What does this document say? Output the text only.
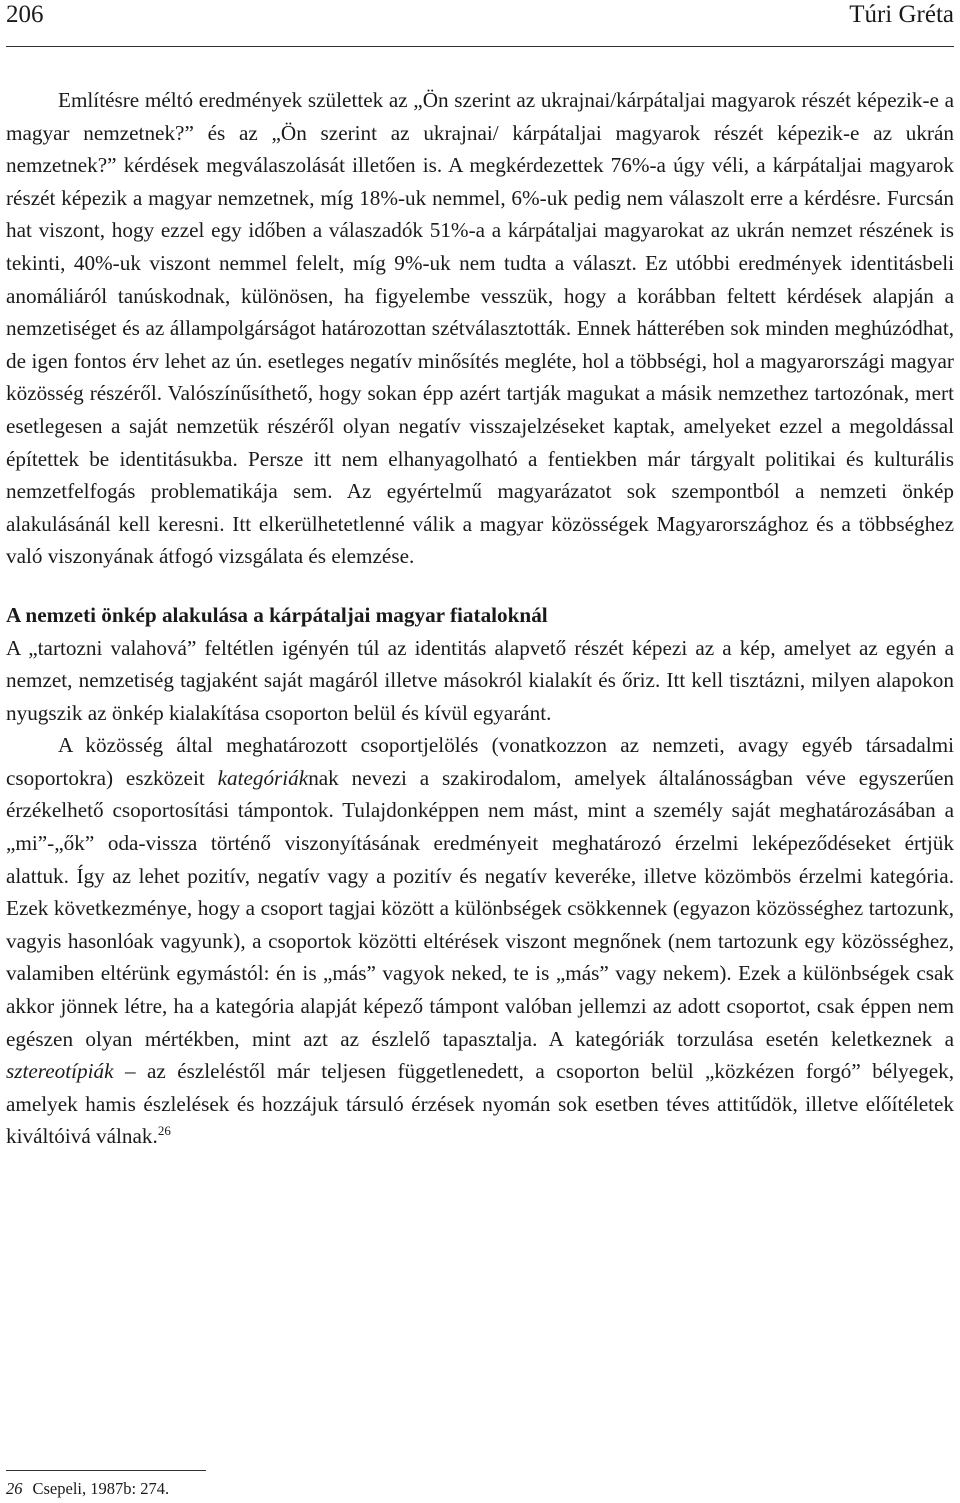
206	Túri Gréta

Említésre méltó eredmények születtek az „Ön szerint az ukrajnai/kárpátaljai magyarok részét képezik-e a magyar nemzetnek?” és az „Ön szerint az ukrajnai/ kárpátaljai magyarok részét képezik-e az ukrán nemzetnek?” kérdések megválaszolását illetően is. A megkérdezettek 76%-a úgy véli, a kárpátaljai magyarok részét képezik a magyar nemzetnek, míg 18%-uk nemmel, 6%-uk pedig nem válaszolt erre a kérdésre. Furcsán hat viszont, hogy ezzel egy időben a válaszadók 51%-a a kárpátaljai magyarokat az ukrán nemzet részének is tekinti, 40%-uk viszont nemmel felelt, míg 9%-uk nem tudta a választ. Ez utóbbi eredmények identitásbeli anomáliáról tanúskodnak, különösen, ha figyelembe vesszük, hogy a korábban feltett kérdések alapján a nemzetiséget és az állampolgárságot határozottan szétválasztották. Ennek hátterében sok minden meghúzódhat, de igen fontos érv lehet az ún. esetleges negatív minősítés megléte, hol a többségi, hol a magyarországi magyar közösség részéről. Valószínűsíthető, hogy sokan épp azért tartják magukat a másik nemzethez tartozónak, mert esetlegesen a saját nemzetük részéről olyan negatív visszajelzéseket kaptak, amelyeket ezzel a megoldással építettek be identitásukba. Persze itt nem elhanyagolható a fentiekben már tárgyalt politikai és kulturális nemzetfelfogás problematikája sem. Az egyértelmű magyarázatot sok szempontból a nemzeti önkép alakulásánál kell keresni. Itt elkerülhetetlenné válik a magyar közösségek Magyarországhoz és a többséghez való viszonyának átfogó vizsgálata és elemzése.

A nemzeti önkép alakulása a kárpátaljai magyar fiataloknál

A „tartozni valahová” feltétlen igényén túl az identitás alapvető részét képezi az a kép, amelyet az egyén a nemzet, nemzetiség tagjaként saját magáról illetve másokról kialakít és őriz. Itt kell tisztázni, milyen alapokon nyugszik az önkép kialakítása csoporton belül és kívül egyaránt.

A közösség által meghatározott csoportjelölés (vonatkozzon az nemzeti, avagy egyéb társadalmi csoportokra) eszközeit kategóriáknak nevezi a szakirodalom, amelyek általánosságban véve egyszerűen érzékelhető csoportosítási támpontok. Tulajdonképpen nem mást, mint a személy saját meghatározásában a „mi”-„ők” oda-vissza történő viszonyításának eredményeit meghatározó érzelmi leképeződéseket értjük alattuk. Így az lehet pozitív, negatív vagy a pozitív és negatív keveréke, illetve közömbös érzelmi kategória. Ezek következménye, hogy a csoport tagjai között a különbségek csökkennek (egyazon közösséghez tartozunk, vagyis hasonlóak vagyunk), a csoportok közötti eltérések viszont megnőnek (nem tartozunk egy közösséghez, valamiben eltérünk egymástól: én is „más” vagyok neked, te is „más” vagy nekem). Ezek a különbségek csak akkor jönnek létre, ha a kategória alapját képező támpont valóban jellemzi az adott csoportot, csak éppen nem egészen olyan mértékben, mint azt az észlelő tapasztalja. A kategóriák torzulása esetén keletkeznek a sztereotípiák – az észleléstől már teljesen függetlenedett, a csoporton belül „közkézen forgó” bélyegek, amelyek hamis észlelések és hozzájuk társuló érzések nyomán sok esetben téves attitűdök, illetve előítéletek kiváltóivá válnak.$^{26}$

26 Csepeli, 1987b: 274.
